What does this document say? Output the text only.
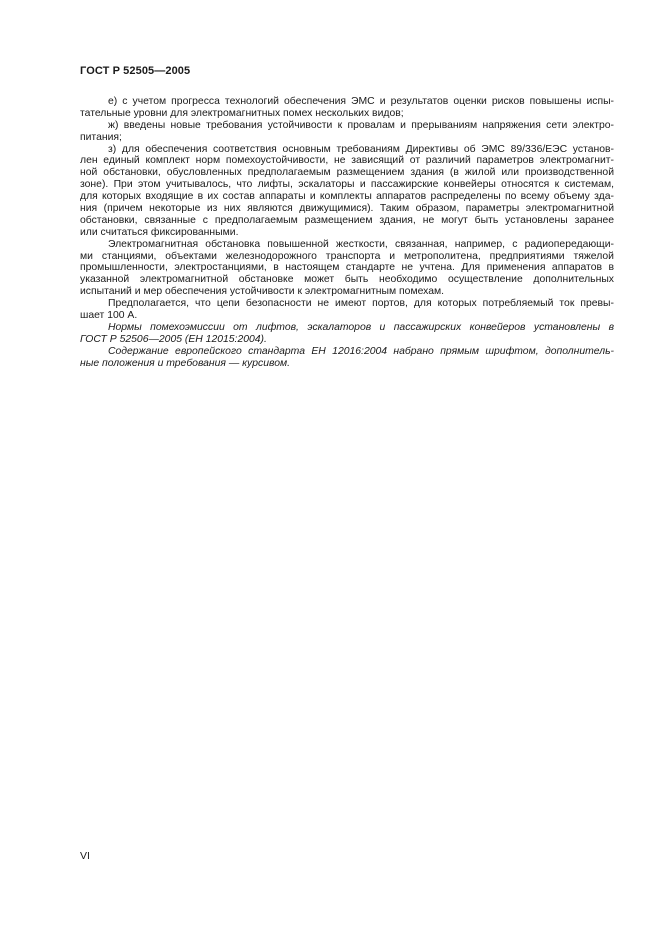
ГОСТ Р 52505—2005
е) с учетом прогресса технологий обеспечения ЭМС и результатов оценки рисков повышены испы-
тательные уровни для электромагнитных помех нескольких видов;
ж) введены новые требования устойчивости к провалам и прерываниям напряжения сети электро-
питания;
з) для обеспечения соответствия основным требованиям Директивы об ЭМС 89/336/ЕЭС установ-
лен единый комплект норм помехоустойчивости, не зависящий от различий параметров электромагнит-
ной обстановки, обусловленных предполагаемым размещением здания (в жилой или производственной
зоне). При этом учитывалось, что лифты, эскалаторы и пассажирские конвейеры относятся к системам,
для которых входящие в их состав аппараты и комплекты аппаратов распределены по всему объему зда-
ния (причем некоторые из них являются движущимися). Таким образом, параметры электромагнитной
обстановки, связанные с предполагаемым размещением здания, не могут быть установлены заранее
или считаться фиксированными.
Электромагнитная обстановка повышенной жесткости, связанная, например, с радиопередающи-
ми станциями, объектами железнодорожного транспорта и метрополитена, предприятиями тяжелой
промышленности, электростанциями, в настоящем стандарте не учтена. Для применения аппаратов в
указанной электромагнитной обстановке может быть необходимо осуществление дополнительных
испытаний и мер обеспечения устойчивости к электромагнитным помехам.
Предполагается, что цепи безопасности не имеют портов, для которых потребляемый ток превы-
шает 100 А.
Нормы помехоэмиссии от лифтов, эскалаторов и пассажирских конвейеров установлены в
ГОСТ Р 52506—2005 (ЕН 12015:2004).
Содержание европейского стандарта ЕН 12016:2004 набрано прямым шрифтом, дополнитель-
ные положения и требования — курсивом.
VI
